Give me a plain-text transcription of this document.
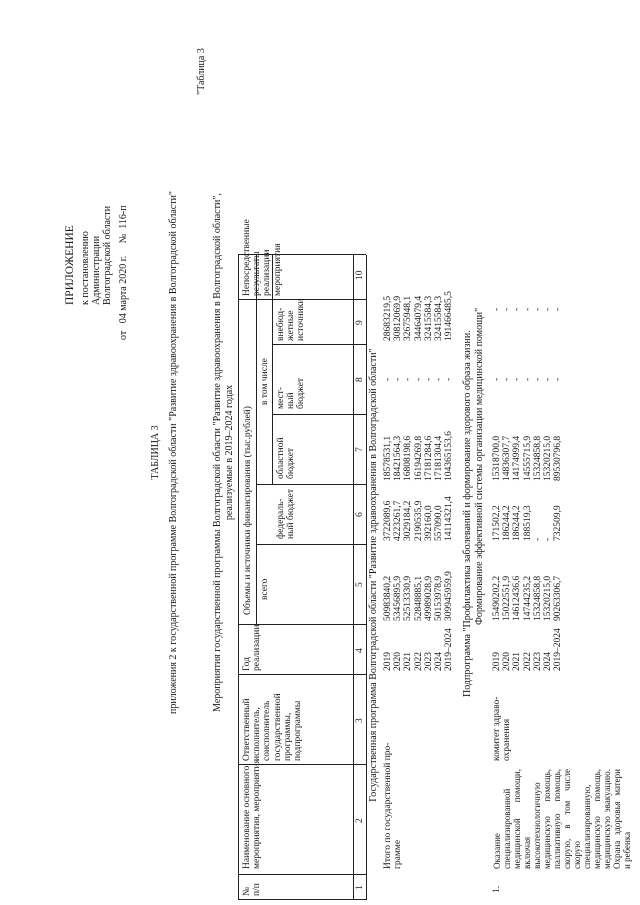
ПРИЛОЖЕНИЕ к постановлению Администрации Волгоградской области
от   04 марта 2020 г.     №  116-п
"Таблица 3
ТАБЛИЦА 3 приложения 2 к государственной программе Волгоградской области "Развитие здравоохранения в Волгоградской области"	Мероприятия государственной программы Волгоградской области "Развитие здравоохранения в Волгоградской области", реализуемые в 2019–2024 годах
№
п/п
Наименование основного
мероприятия, мероприятия
Ответственный
исполнитель,
соисполнитель
государственной
программы,
подпрограммы
Год
реализации
Объемы и источники финансирования (тыс.рублей) всего
в том числе
федераль-
ный бюджет
областной
бюджет
мест-
ный
бюджет
внебюд-
жетные
источники
Непосредственные
результаты
реализации
мероприятия
1
2
3
4
5
6
7
8
9
10
Государственная программа Волгоградской области "Развитие здравоохранения в Волгоградской области"
Итого по государственной про-
грамме
2019 2020 2021 2022 2023 2024 2019–2024
50983840,2 53456895,9 52513330,9 52848885,1 49989028,9 50153978,9 309945959,9
3722089,6 4223261,7 3029184,2 2190535,9 392160,0 557090,0 14114321,4
18578531,1 18421564,3 16808198,6 16194269,8 17181284,6 17181304,4 104365153,6
- - - - - - -
28683219,5 30812069,9 32675948,1 34464079,4 32415584,3 32415584,3 191466485,5
Подпрограмма "Профилактика заболеваний и формирование здорового образа жизни. Формирование эффективной системы организации медицинской помощи"
1.
Оказание специализированной медицинской помощи, включая высокотехнологичную медицинскую помощь, паллиативную помощь, скорую, в том числе скорую специализированную, медицинскую помощь, медицинскую эвакуацию. Охрана здоровья матери и ребенка
комитет здраво-
охранения
2019 2020 2021 2022 2023 2024 2019–2024
15490202,2 15022551,9 14612436,6 14744235,2 15324858,8 15320215,0 90263306,7
171502,2 186244,2 186244,2 188519,3 - - 732509,9
15318700,0 14836307,7 14174999,4 14555715,9 15324858,8 15320215,0 89530796,8
- - - - - - -
- - - - - - -
